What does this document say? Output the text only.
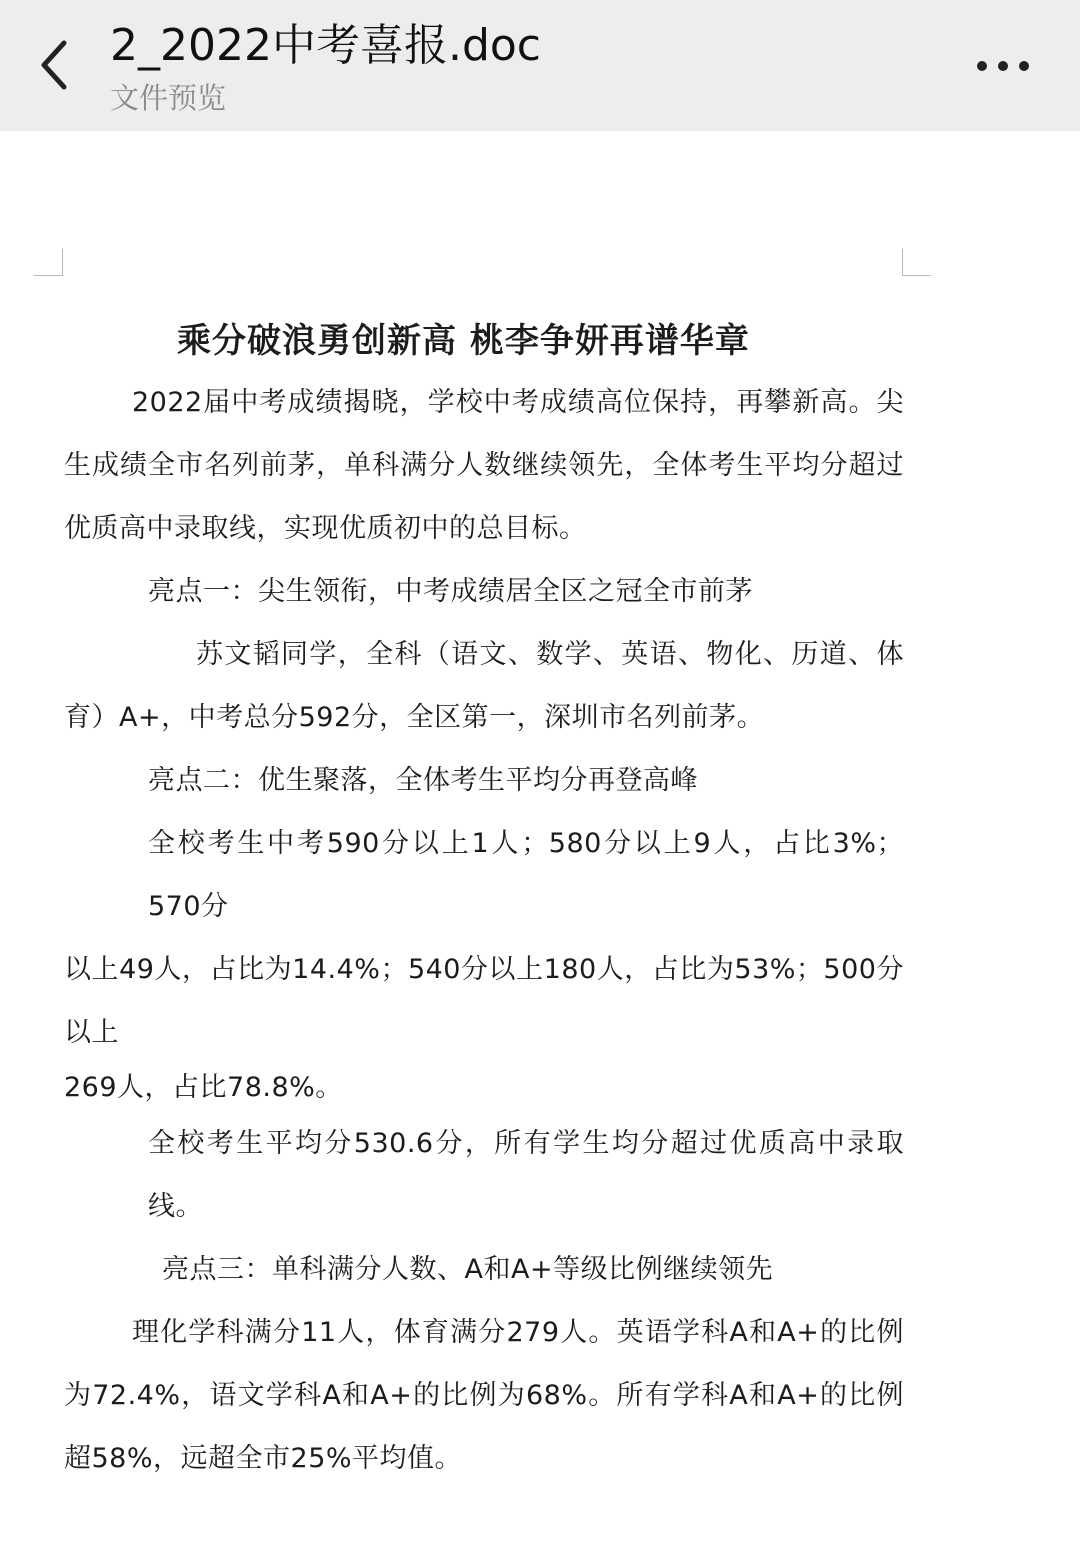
2_2022中考喜报.doc
文件预览
乘分破浪勇创新高 桃李争妍再谱华章

2022届中考成绩揭晓，学校中考成绩高位保持，再攀新高。尖生成绩全市名列前茅，单科满分人数继续领先，全体考生平均分超过优质高中录取线，实现优质初中的总目标。

亮点一：尖生领衔，中考成绩居全区之冠全市前茅

苏文韬同学，全科（语文、数学、英语、物化、历道、体育）A+，中考总分592分，全区第一，深圳市名列前茅。

亮点二：优生聚落，全体考生平均分再登高峰

全校考生中考590分以上1人；580分以上9人，占比3%；570分

以上49人，占比为14.4%；540分以上180人，占比为53%；500分以上

269人，占比78.8%。

全校考生平均分530.6分，所有学生均分超过优质高中录取线。

亮点三：单科满分人数、A和A+等级比例继续领先

理化学科满分11人，体育满分279人。英语学科A和A+的比例为72.4%，语文学科A和A+的比例为68%。所有学科A和A+的比例超58%，远超全市25%平均值。
